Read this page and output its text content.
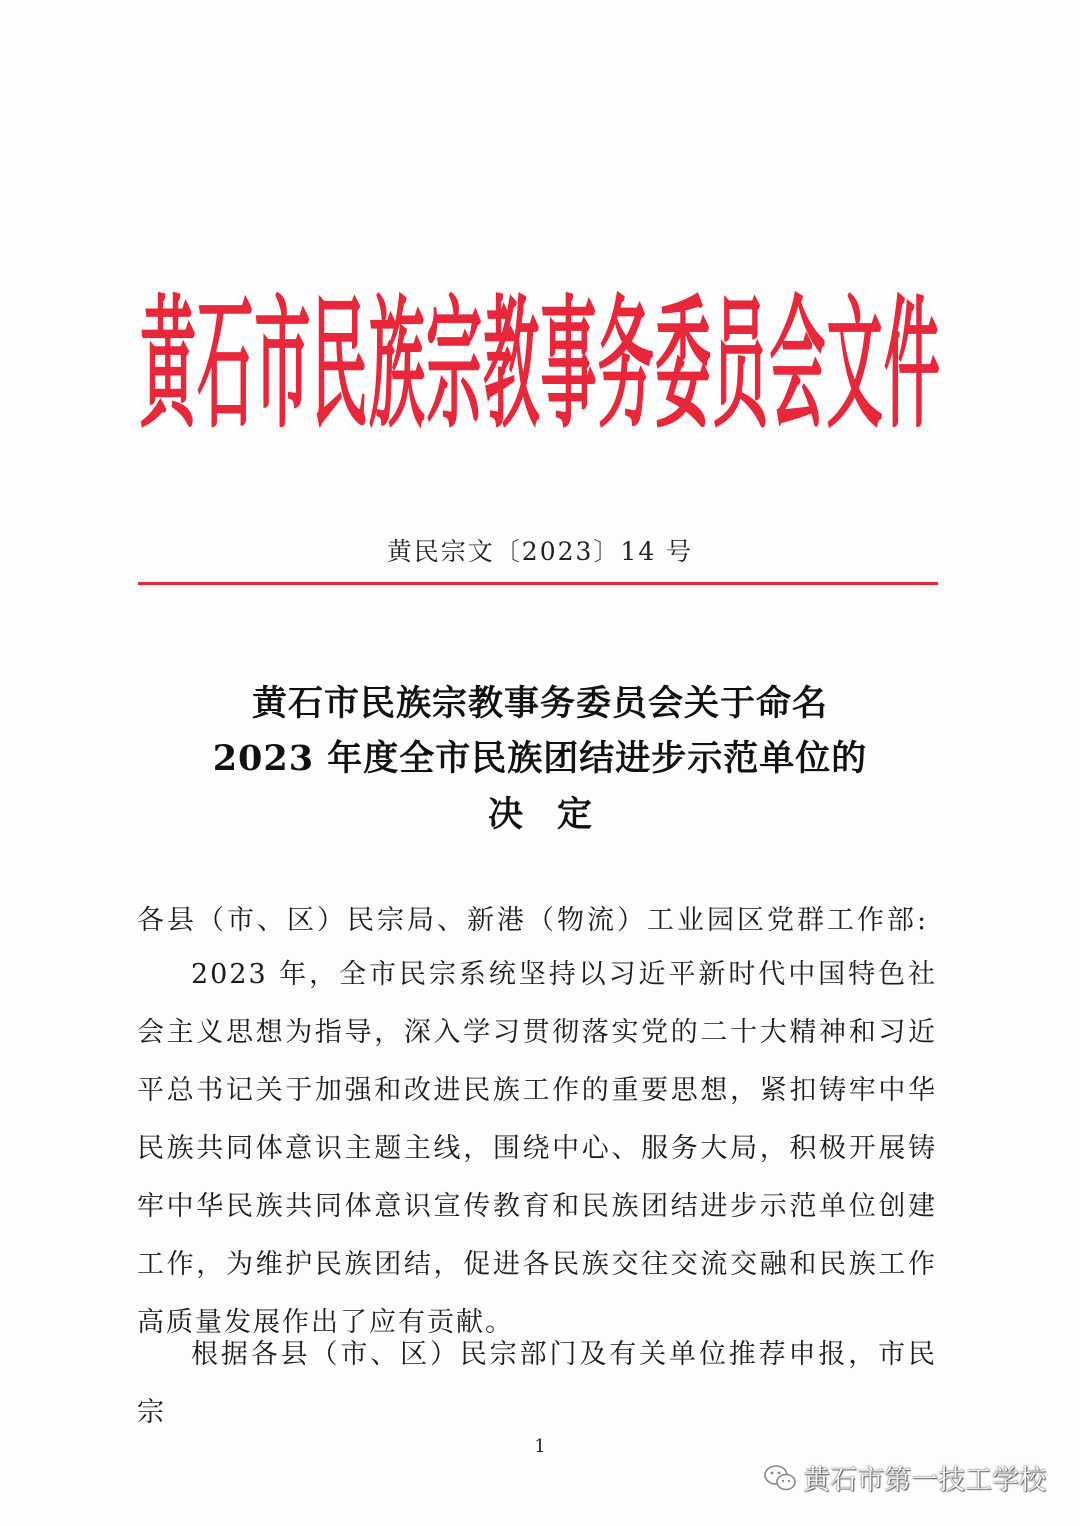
黄 石 市 民 族 宗 教 事 务 委 员 会 文 件
黄民宗文〔2023〕14 号
黄石市民族宗教事务委员会关于命名
2023 年度全市民族团结进步示范单位的
决定
各县（市、区）民宗局、新港（物流）工业园区党群工作部:

2023 年，全市民宗系统坚持以习近平新时代中国特色社会主义思想为指导，深入学习贯彻落实党的二十大精神和习近平总书记关于加强和改进民族工作的重要思想，紧扣铸牢中华民族共同体意识主题主线，围绕中心、服务大局，积极开展铸牢中华民族共同体意识宣传教育和民族团结进步示范单位创建工作，为维护民族团结，促进各民族交往交流交融和民族工作高质量发展作出了应有贡献。

根据各县（市、区）民宗部门及有关单位推荐申报，市民宗

1
黄石市第一技工学校
